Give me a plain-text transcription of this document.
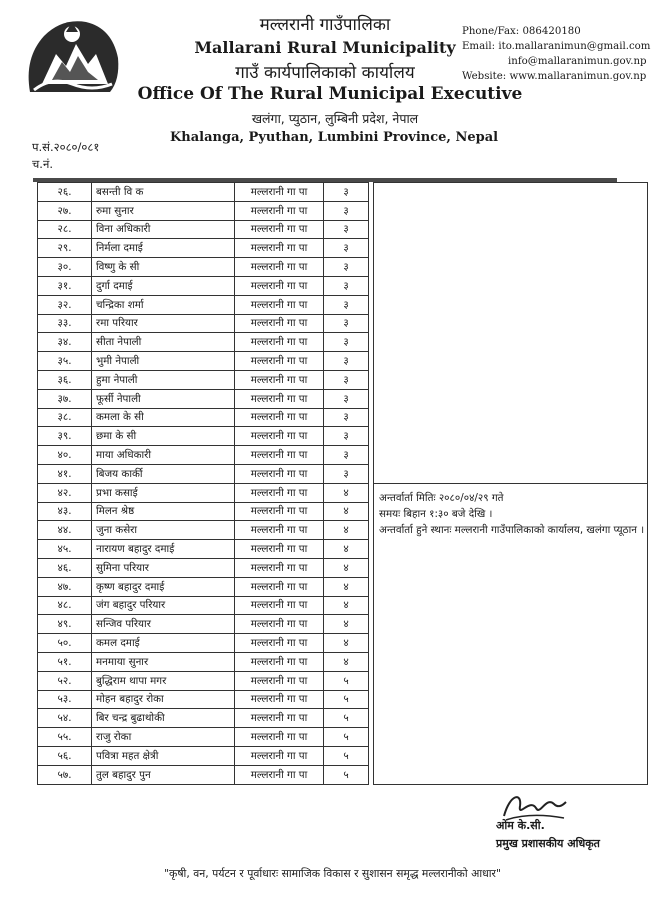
मल्लरानी गाउँपालिका
Mallarani Rural Municipality
गाउँ कार्यपालिकाको कार्यालय
Office Of The Rural Municipal Executive
खलंगा, प्युठान, लुम्बिनी प्रदेश, नेपाल
Khalanga, Pyuthan, Lumbini Province, Nepal
Phone/Fax: 086420180
Email: ito.mallaranimun@gmail.com
info@mallaranimun.gov.np
Website: www.mallaranimun.gov.np
प.सं.२०८०/०८१
च.नं.
२६.	बसन्ती वि क	मल्लरानी गा पा	३		
२७.	रुमा सुनार	मल्लरानी गा पा	३		
२८.	विना अधिकारी	मल्लरानी गा पा	३		
२९.	निर्मला दमाई	मल्लरानी गा पा	३		
३०.	विष्णु के सी	मल्लरानी गा पा	३		
३१.	दुर्गा दमाई	मल्लरानी गा पा	३		
३२.	चन्द्रिका शर्मा	मल्लरानी गा पा	३		
३३.	रमा परियार	मल्लरानी गा पा	३		
३४.	सीता नेपाली	मल्लरानी गा पा	३		
३५.	भुमी नेपाली	मल्लरानी गा पा	३		
३६.	हुमा नेपाली	मल्लरानी गा पा	३		
३७.	फूर्सी नेपाली	मल्लरानी गा पा	३		
३८.	कमला के सी	मल्लरानी गा पा	३		
३९.	छमा के सी	मल्लरानी गा पा	३		
४०.	माया अधिकारी	मल्लरानी गा पा	३		
४१.	बिजय कार्की	मल्लरानी गा पा	३		
४२.	प्रभा कसाई	मल्लरानी गा पा	४		अन्तर्वार्ता मितिः २०८०/०४/२९ गते
समयः बिहान १:३० बजे देखि ।
अन्तर्वार्ता हुने स्थानः मल्लरानी गाउँपालिकाको कार्यालय, खलंगा प्यूठान ।

४३.	मिलन श्रेष्ठ	मल्लरानी गा पा	४		
४४.	जुना कसेरा	मल्लरानी गा पा	४		
४५.	नारायण बहादुर दमाई	मल्लरानी गा पा	४		
४६.	सुमिना परियार	मल्लरानी गा पा	४		
४७.	कृष्ण बहादुर दमाई	मल्लरानी गा पा	४		
४८.	जंग बहादुर परियार	मल्लरानी गा पा	४		
४९.	सन्जिव परियार	मल्लरानी गा पा	४		
५०.	कमल दमाई	मल्लरानी गा पा	४		
५१.	मनमाया सुनार	मल्लरानी गा पा	४		
५२.	बुद्धिराम थापा मगर	मल्लरानी गा पा	५		
५३.	मोहन बहादुर रोका	मल्लरानी गा पा	५		
५४.	बिर चन्द्र बुढाथोकी	मल्लरानी गा पा	५		
५५.	राजु रोका	मल्लरानी गा पा	५		
५६.	पवित्रा महत क्षेत्री	मल्लरानी गा पा	५		
५७.	तुल बहादुर पुन	मल्लरानी गा पा	५		
ओम के.सी.
प्रमुख प्रशासकीय अधिकृत
"कृषी, वन, पर्यटन र पूर्वाधारः सामाजिक विकास र सुशासन समृद्ध मल्लरानीको आधार"
